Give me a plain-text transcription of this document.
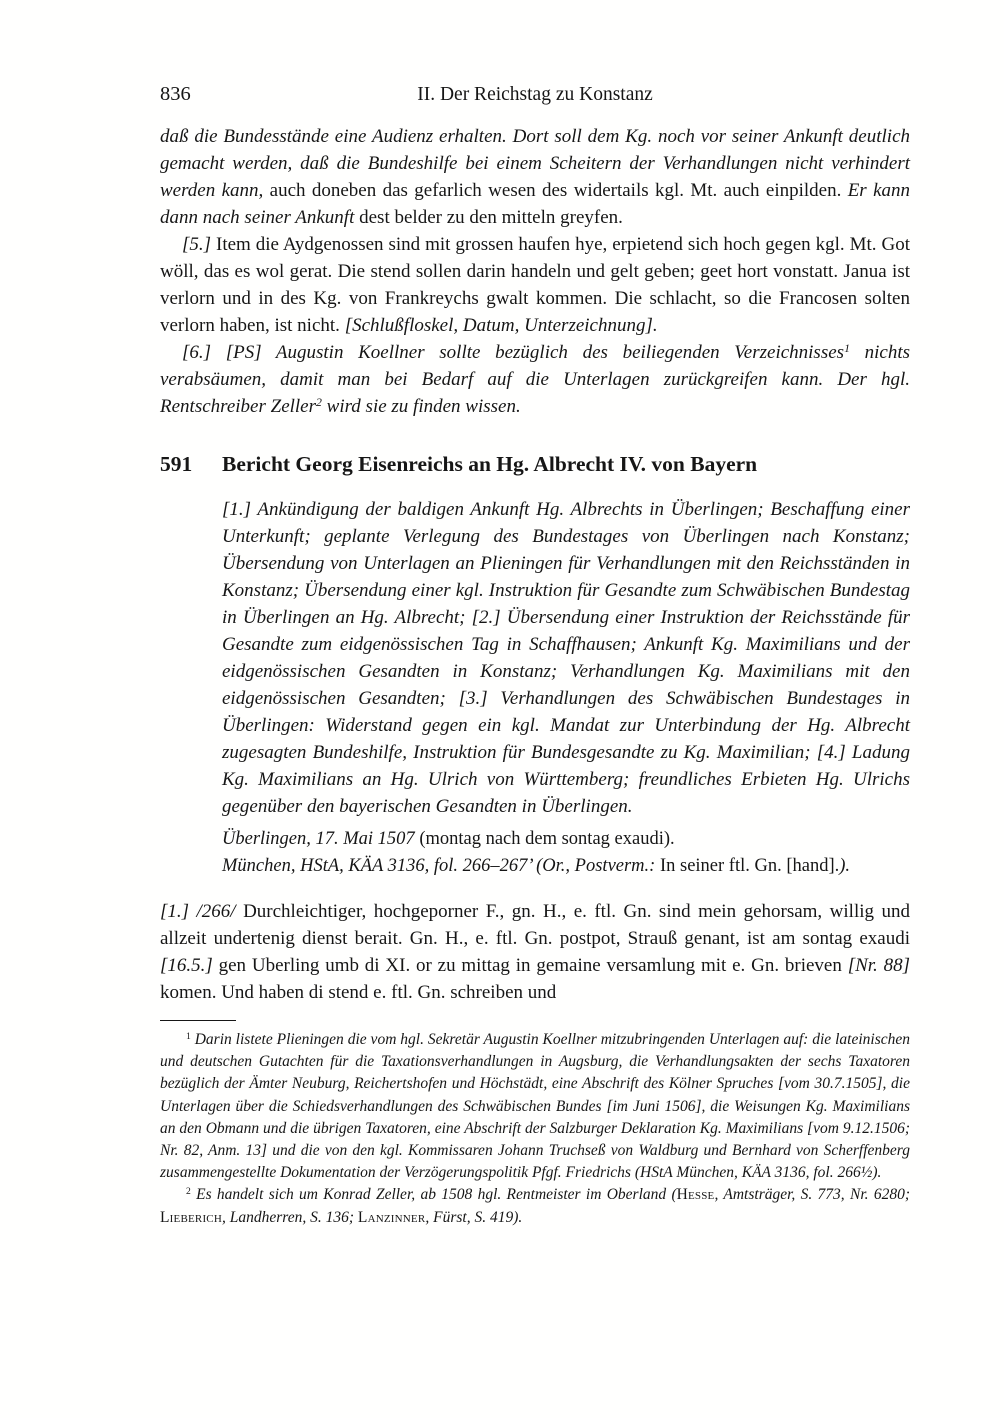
836	II. Der Reichstag zu Konstanz

daß die Bundesstände eine Audienz erhalten. Dort soll dem Kg. noch vor seiner Ankunft deutlich gemacht werden, daß die Bundeshilfe bei einem Scheitern der Verhandlungen nicht verhindert werden kann, auch doneben das gefarlich wesen des widertails kgl. Mt. auch einpilden. Er kann dann nach seiner Ankunft dest belder zu den mitteln greyfen.

[5.] Item die Aydgenossen sind mit grossen haufen hye, erpietend sich hoch gegen kgl. Mt. Got wöll, das es wol gerat. Die stend sollen darin handeln und gelt geben; geet hort vonstatt. Janua ist verlorn und in des Kg. von Frankreychs gwalt kommen. Die schlacht, so die Francosen solten verlorn haben, ist nicht. [Schlußfloskel, Datum, Unterzeichnung].

[6.] [PS] Augustin Koellner sollte bezüglich des beiliegenden Verzeichnisses$^1$ nichts verabsäumen, damit man bei Bedarf auf die Unterlagen zurückgreifen kann. Der hgl. Rentschreiber Zeller$^2$ wird sie zu finden wissen.

591	Bericht Georg Eisenreichs an Hg. Albrecht IV. von Bayern

[1.] Ankündigung der baldigen Ankunft Hg. Albrechts in Überlingen; Beschaffung einer Unterkunft; geplante Verlegung des Bundestages von Überlingen nach Konstanz; Übersendung von Unterlagen an Plieningen für Verhandlungen mit den Reichsständen in Konstanz; Übersendung einer kgl. Instruktion für Gesandte zum Schwäbischen Bundestag in Überlingen an Hg. Albrecht; [2.] Übersendung einer Instruktion der Reichsstände für Gesandte zum eidgenössischen Tag in Schaffhausen; Ankunft Kg. Maximilians und der eidgenössischen Gesandten in Konstanz; Verhandlungen Kg. Maximilians mit den eidgenössischen Gesandten; [3.] Verhandlungen des Schwäbischen Bundestages in Überlingen: Widerstand gegen ein kgl. Mandat zur Unterbindung der Hg. Albrecht zugesagten Bundeshilfe, Instruktion für Bundesgesandte zu Kg. Maximilian; [4.] Ladung Kg. Maximilians an Hg. Ulrich von Württemberg; freundliches Erbieten Hg. Ulrichs gegenüber den bayerischen Gesandten in Überlingen.

Überlingen, 17. Mai 1507 (montag nach dem sontag exaudi).

München, HStA, KÄA 3136, fol. 266–267’ (Or., Postverm.: In seiner ftl. Gn. [hand].).

[1.] /266/ Durchleichtiger, hochgeporner F., gn. H., e. ftl. Gn. sind mein gehorsam, willig und allzeit undertenig dienst berait. Gn. H., e. ftl. Gn. postpot, Strauß genant, ist am sontag exaudi [16.5.] gen Uberling umb di XI. or zu mittag in gemaine versamlung mit e. Gn. brieven [Nr. 88] komen. Und haben di stend e. ftl. Gn. schreiben und

$^1$ Darin listete Plieningen die vom hgl. Sekretär Augustin Koellner mitzubringenden Unterlagen auf: die lateinischen und deutschen Gutachten für die Taxationsverhandlungen in Augsburg, die Verhandlungsakten der sechs Taxatoren bezüglich der Ämter Neuburg, Reichertshofen und Höchstädt, eine Abschrift des Kölner Spruches [vom 30.7.1505], die Unterlagen über die Schiedsverhandlungen des Schwäbischen Bundes [im Juni 1506], die Weisungen Kg. Maximilians an den Obmann und die übrigen Taxatoren, eine Abschrift der Salzburger Deklaration Kg. Maximilians [vom 9.12.1506; Nr. 82, Anm. 13] und die von den kgl. Kommissaren Johann Truchseß von Waldburg und Bernhard von Scherffenberg zusammengestellte Dokumentation der Verzögerungspolitik Pfgf. Friedrichs (HStA München, KÄA 3136, fol. 266½).

$^2$ Es handelt sich um Konrad Zeller, ab 1508 hgl. Rentmeister im Oberland (Hesse, Amtsträger, S. 773, Nr. 6280; Lieberich, Landherren, S. 136; Lanzinner, Fürst, S. 419).
